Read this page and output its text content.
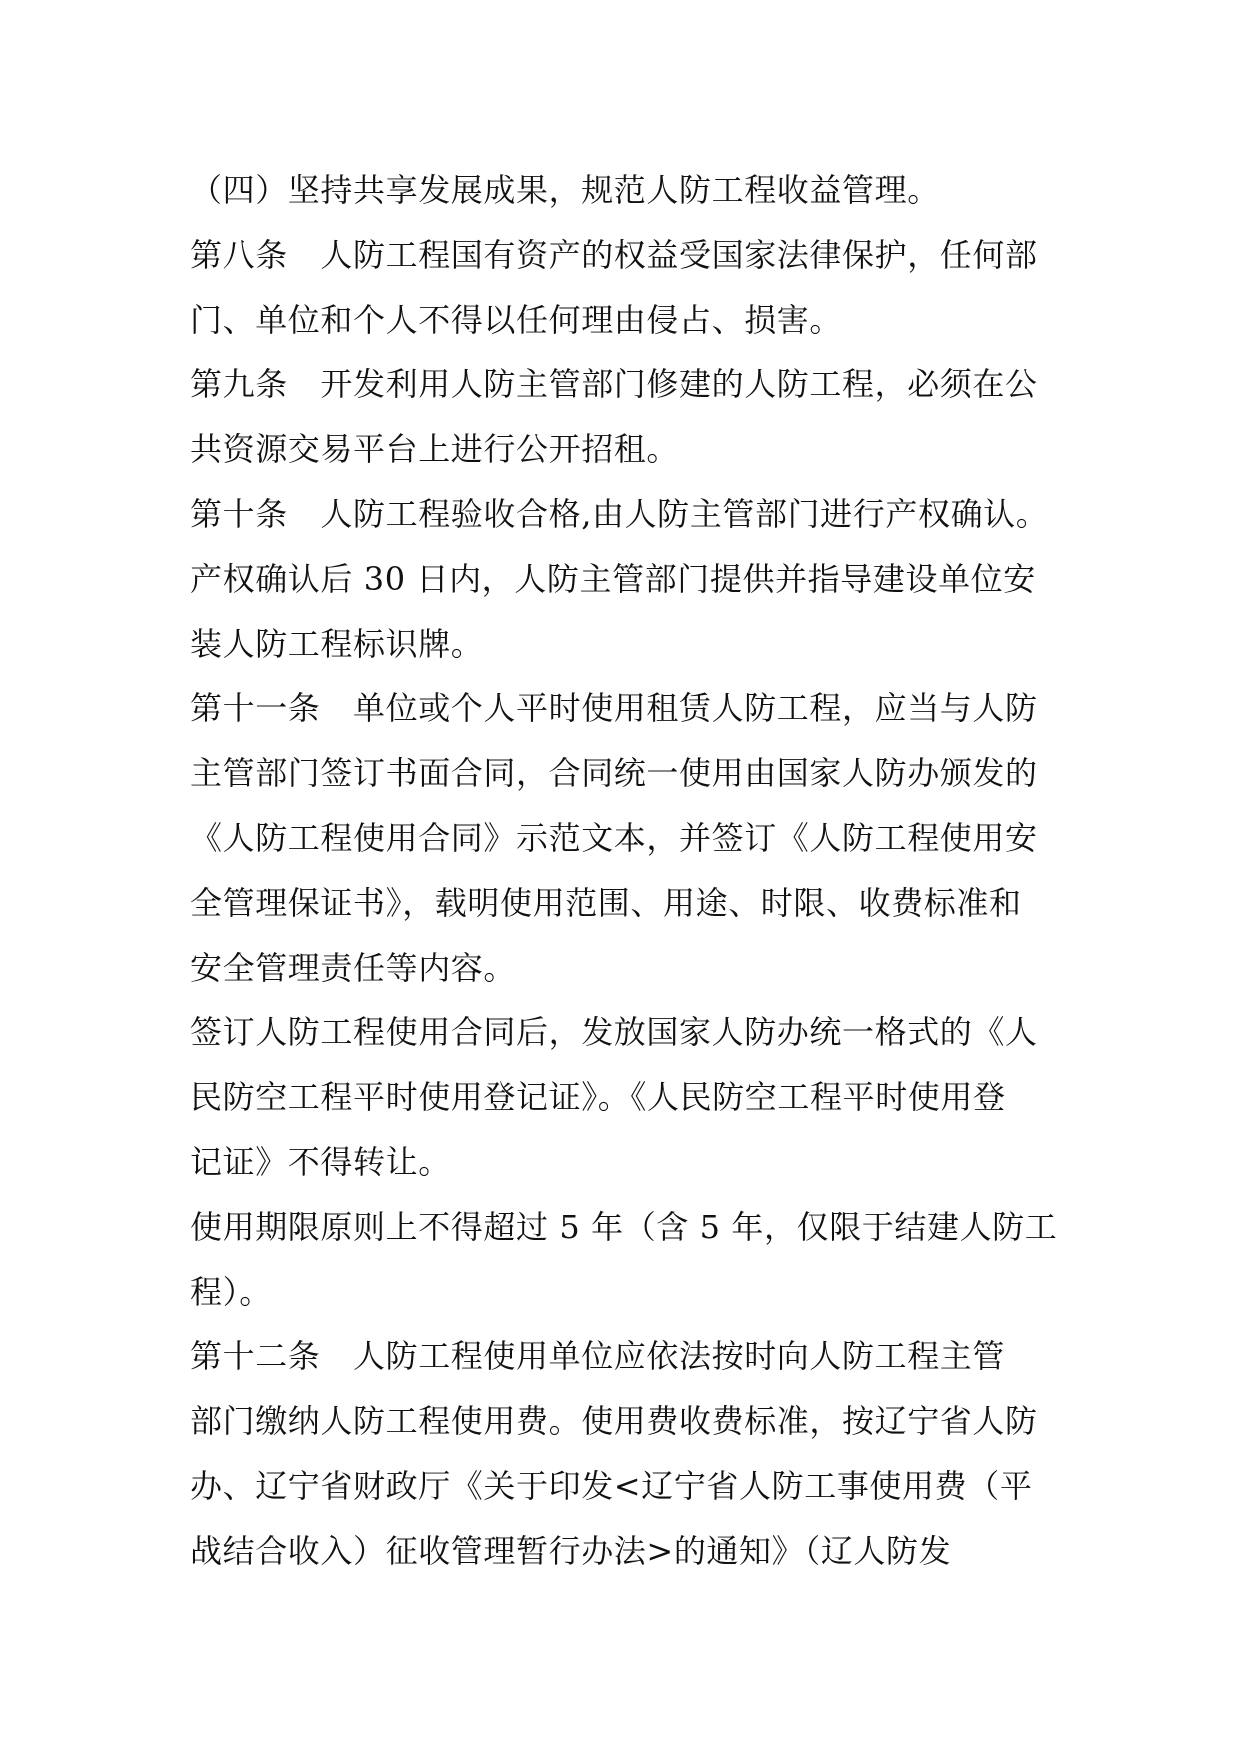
（四）坚持共享发展成果，规范人防工程收益管理。
第八条　人防工程国有资产的权益受国家法律保护，任何部
门、单位和个人不得以任何理由侵占、损害。
第九条　开发利用人防主管部门修建的人防工程，必须在公
共资源交易平台上进行公开招租。
第十条　人防工程验收合格,由人防主管部门进行产权确认。
产权确认后 30 日内，人防主管部门提供并指导建设单位安
装人防工程标识牌。
第十一条　单位或个人平时使用租赁人防工程，应当与人防
主管部门签订书面合同，合同统一使用由国家人防办颁发的
《人防工程使用合同》示范文本，并签订《人防工程使用安
全管理保证书》，载明使用范围、用途、时限、收费标准和
安全管理责任等内容。
签订人防工程使用合同后，发放国家人防办统一格式的《人
民防空工程平时使用登记证》。《人民防空工程平时使用登
记证》不得转让。
使用期限原则上不得超过 5 年（含 5 年，仅限于结建人防工
程）。
第十二条　人防工程使用单位应依法按时向人防工程主管
部门缴纳人防工程使用费。使用费收费标准，按辽宁省人防
办、辽宁省财政厅《关于印发<辽宁省人防工事使用费（平
战结合收入）征收管理暂行办法>的通知》（辽人防发
